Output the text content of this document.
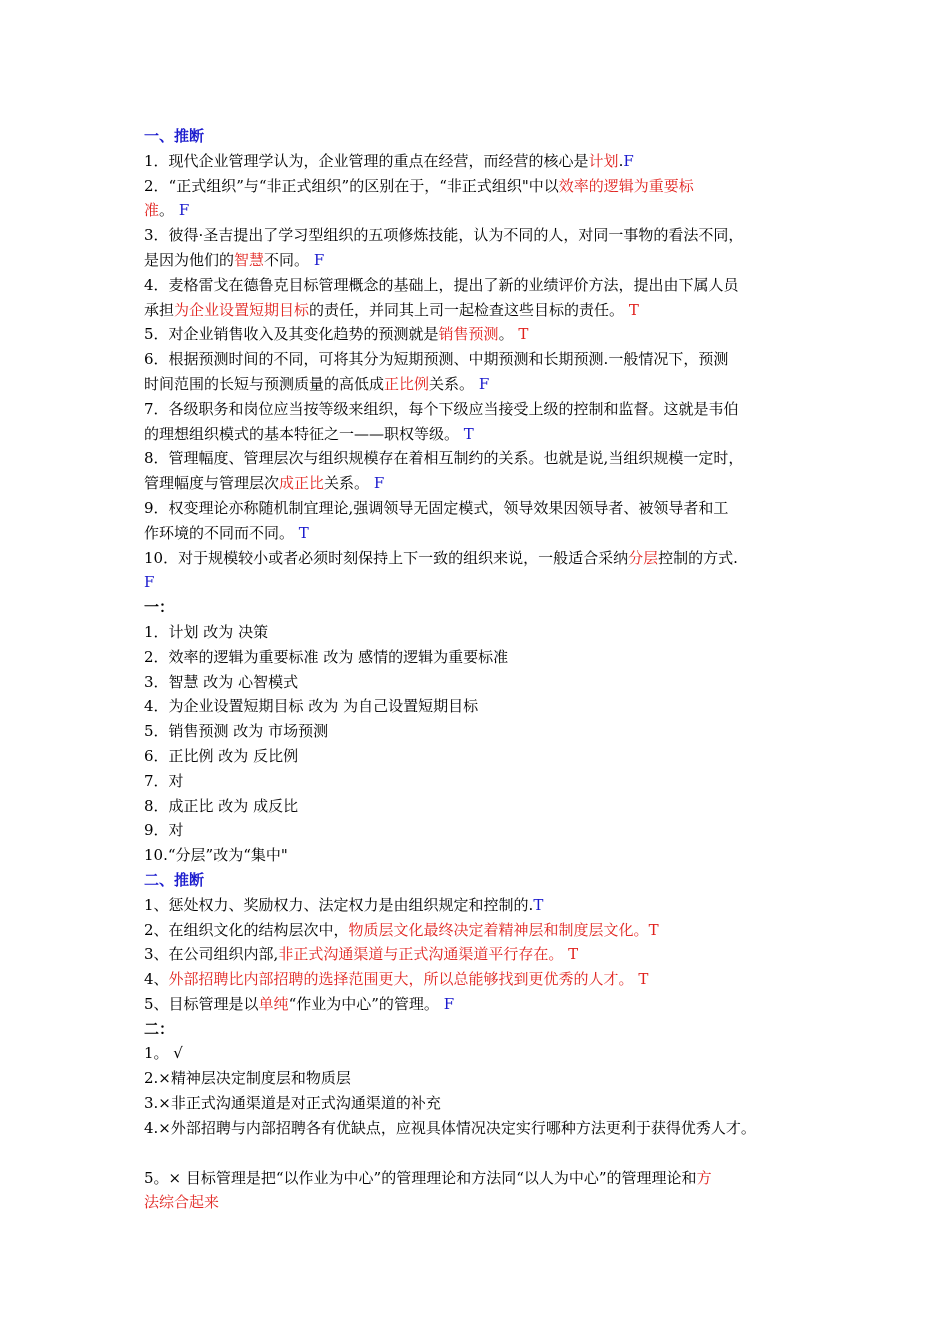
一、推断

1．现代企业管理学认为，企业管理的重点在经营，而经营的核心是计划.F

2．“正式组织”与“非正式组织”的区别在于，“非正式组织"中以效率的逻辑为重要标

准。 F

3．彼得·圣吉提出了学习型组织的五项修炼技能，认为不同的人，对同一事物的看法不同，

是因为他们的智慧不同。 F

4．麦格雷戈在德鲁克目标管理概念的基础上，提出了新的业绩评价方法，提出由下属人员

承担为企业设置短期目标的责任，并同其上司一起检查这些目标的责任。 T

5．对企业销售收入及其变化趋势的预测就是销售预测。 T

6．根据预测时间的不同，可将其分为短期预测、中期预测和长期预测.一般情况下，预测

时间范围的长短与预测质量的高低成正比例关系。 F

7．各级职务和岗位应当按等级来组织，每个下级应当接受上级的控制和监督。这就是韦伯

的理想组织模式的基本特征之一——职权等级。 T

8．管理幅度、管理层次与组织规模存在着相互制约的关系。也就是说,当组织规模一定时，

管理幅度与管理层次成正比关系。 F

9．权变理论亦称随机制宜理论,强调领导无固定模式，领导效果因领导者、被领导者和工

作环境的不同而不同。 T

10．对于规模较小或者必须时刻保持上下一致的组织来说，一般适合采纳分层控制的方式.

F

一：

1．计划 改为 决策

2．效率的逻辑为重要标准 改为 感情的逻辑为重要标准

3．智慧 改为 心智模式

4．为企业设置短期目标 改为 为自己设置短期目标

5．销售预测 改为 市场预测

6．正比例 改为 反比例

7．对

8．成正比 改为 成反比

9．对

10.“分层”改为“集中"

二、推断

1、惩处权力、奖励权力、法定权力是由组织规定和控制的.T

2、在组织文化的结构层次中，物质层文化最终决定着精神层和制度层文化。T

3、在公司组织内部,非正式沟通渠道与正式沟通渠道平行存在。 T

4、外部招聘比内部招聘的选择范围更大，所以总能够找到更优秀的人才。 T

5、目标管理是以单纯“作业为中心”的管理。 F

二：

1。 √

2.×精神层决定制度层和物质层

3.×非正式沟通渠道是对正式沟通渠道的补充

4.×外部招聘与内部招聘各有优缺点，应视具体情况决定实行哪种方法更利于获得优秀人才。

5。× 目标管理是把“以作业为中心”的管理理论和方法同“以人为中心”的管理理论和方

法综合起来
